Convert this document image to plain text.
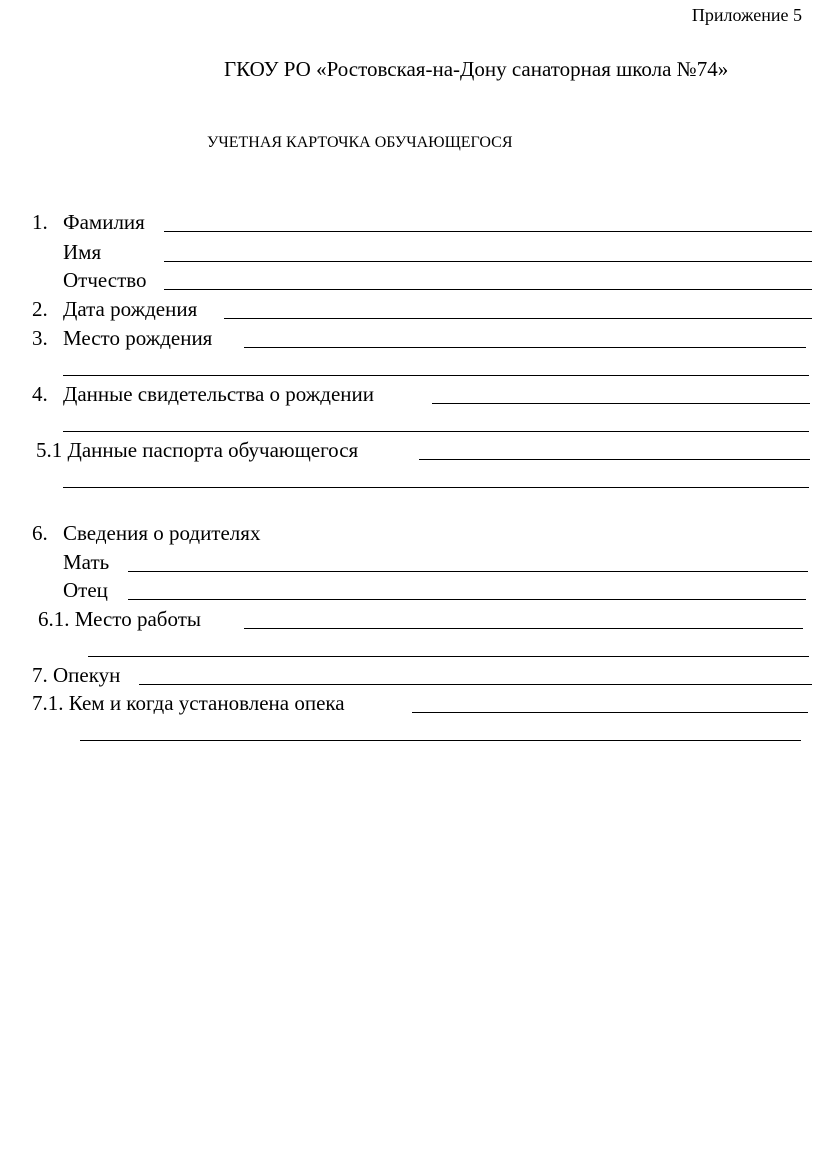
Приложение 5
ГКОУ РО «Ростовская-на-Дону санаторная школа №74»
УЧЕТНАЯ КАРТОЧКА ОБУЧАЮЩЕГОСЯ
1. Фамилия
Имя
Отчество
2. Дата рождения
3. Место рождения
4. Данные свидетельства о рождении
5.1 Данные паспорта обучающегося
6. Сведения о родителях
Мать
Отец
6.1. Место работы
7. Опекун
7.1. Кем и когда установлена опека
